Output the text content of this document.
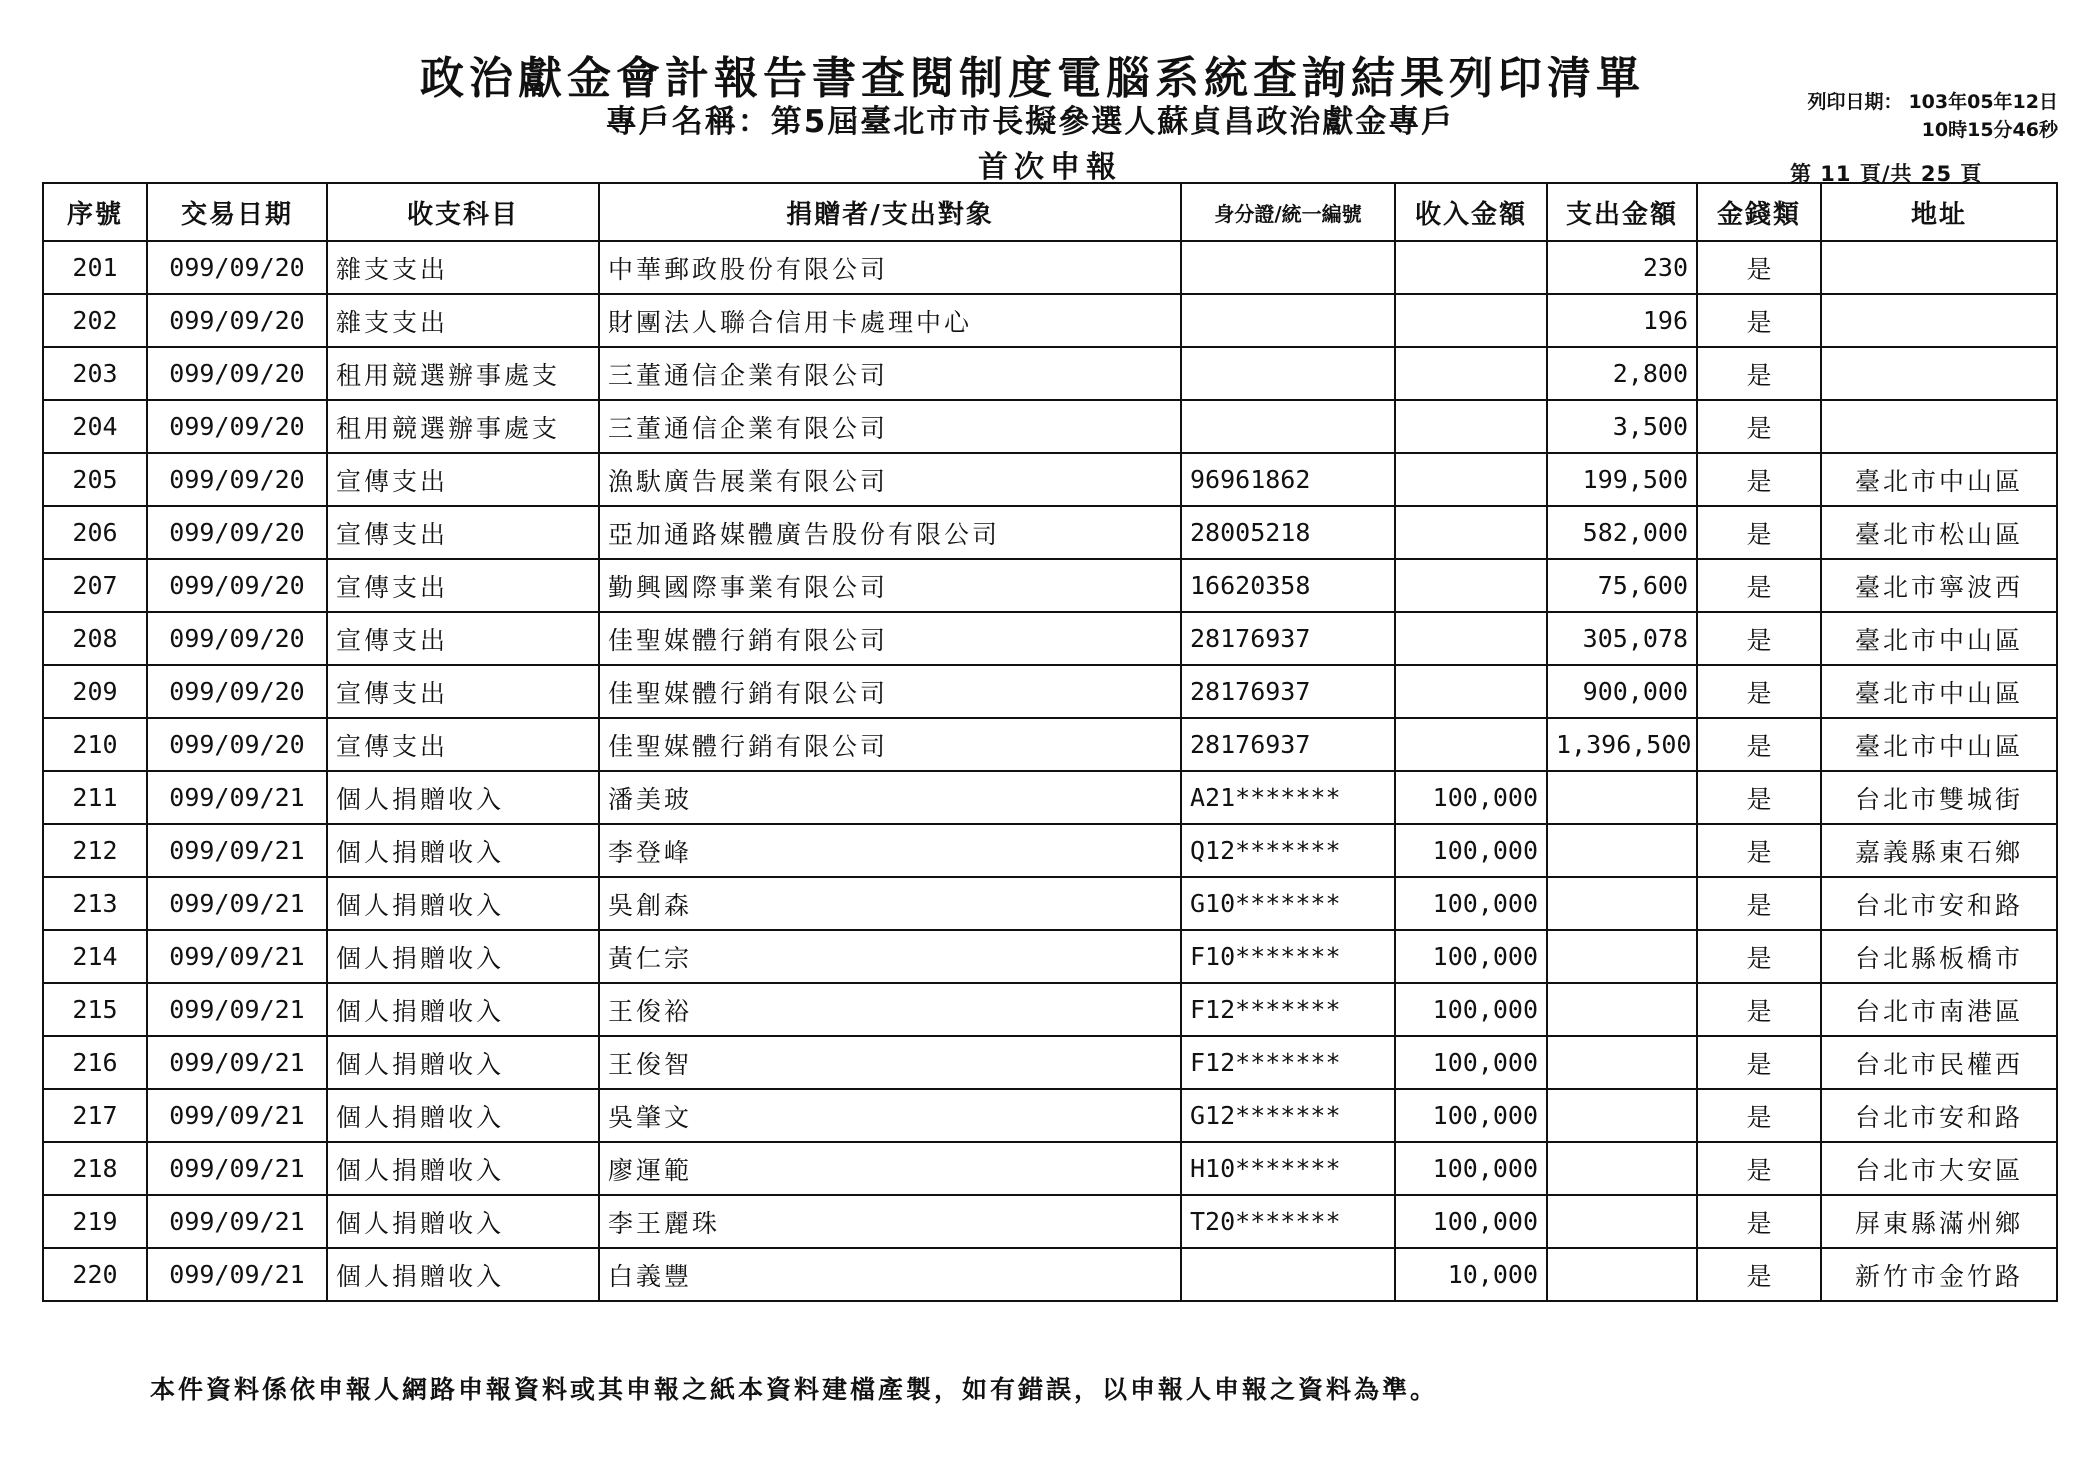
政治獻金會計報告書查閱制度電腦系統查詢結果列印清單
專戶名稱：第5屆臺北市市長擬參選人蘇貞昌政治獻金專戶
首次申報
列印日期： 103年05年12日
10時15分46秒
第 11 頁/共 25 頁
序號	交易日期	收支科目	捐贈者/支出對象	身分證/統一編號	收入金額	支出金額	金錢類	地址
201	099/09/20	雜支支出	中華郵政股份有限公司			230	是	
202	099/09/20	雜支支出	財團法人聯合信用卡處理中心			196	是	
203	099/09/20	租用競選辦事處支	三董通信企業有限公司			2,800	是	
204	099/09/20	租用競選辦事處支	三董通信企業有限公司			3,500	是	
205	099/09/20	宣傳支出	漁馱廣告展業有限公司	96961862		199,500	是	臺北市中山區
206	099/09/20	宣傳支出	亞加通路媒體廣告股份有限公司	28005218		582,000	是	臺北市松山區
207	099/09/20	宣傳支出	勤興國際事業有限公司	16620358		75,600	是	臺北市寧波西
208	099/09/20	宣傳支出	佳聖媒體行銷有限公司	28176937		305,078	是	臺北市中山區
209	099/09/20	宣傳支出	佳聖媒體行銷有限公司	28176937		900,000	是	臺北市中山區
210	099/09/20	宣傳支出	佳聖媒體行銷有限公司	28176937		1,396,500	是	臺北市中山區
211	099/09/21	個人捐贈收入	潘美玻	A21*******	100,000		是	台北市雙城街
212	099/09/21	個人捐贈收入	李登峰	Q12*******	100,000		是	嘉義縣東石鄉
213	099/09/21	個人捐贈收入	吳創森	G10*******	100,000		是	台北市安和路
214	099/09/21	個人捐贈收入	黃仁宗	F10*******	100,000		是	台北縣板橋市
215	099/09/21	個人捐贈收入	王俊裕	F12*******	100,000		是	台北市南港區
216	099/09/21	個人捐贈收入	王俊智	F12*******	100,000		是	台北市民權西
217	099/09/21	個人捐贈收入	吳肇文	G12*******	100,000		是	台北市安和路
218	099/09/21	個人捐贈收入	廖運範	H10*******	100,000		是	台北市大安區
219	099/09/21	個人捐贈收入	李王麗珠	T20*******	100,000		是	屏東縣滿州鄉
220	099/09/21	個人捐贈收入	白義豐		10,000		是	新竹市金竹路
本件資料係依申報人網路申報資料或其申報之紙本資料建檔產製，如有錯誤，以申報人申報之資料為準。
